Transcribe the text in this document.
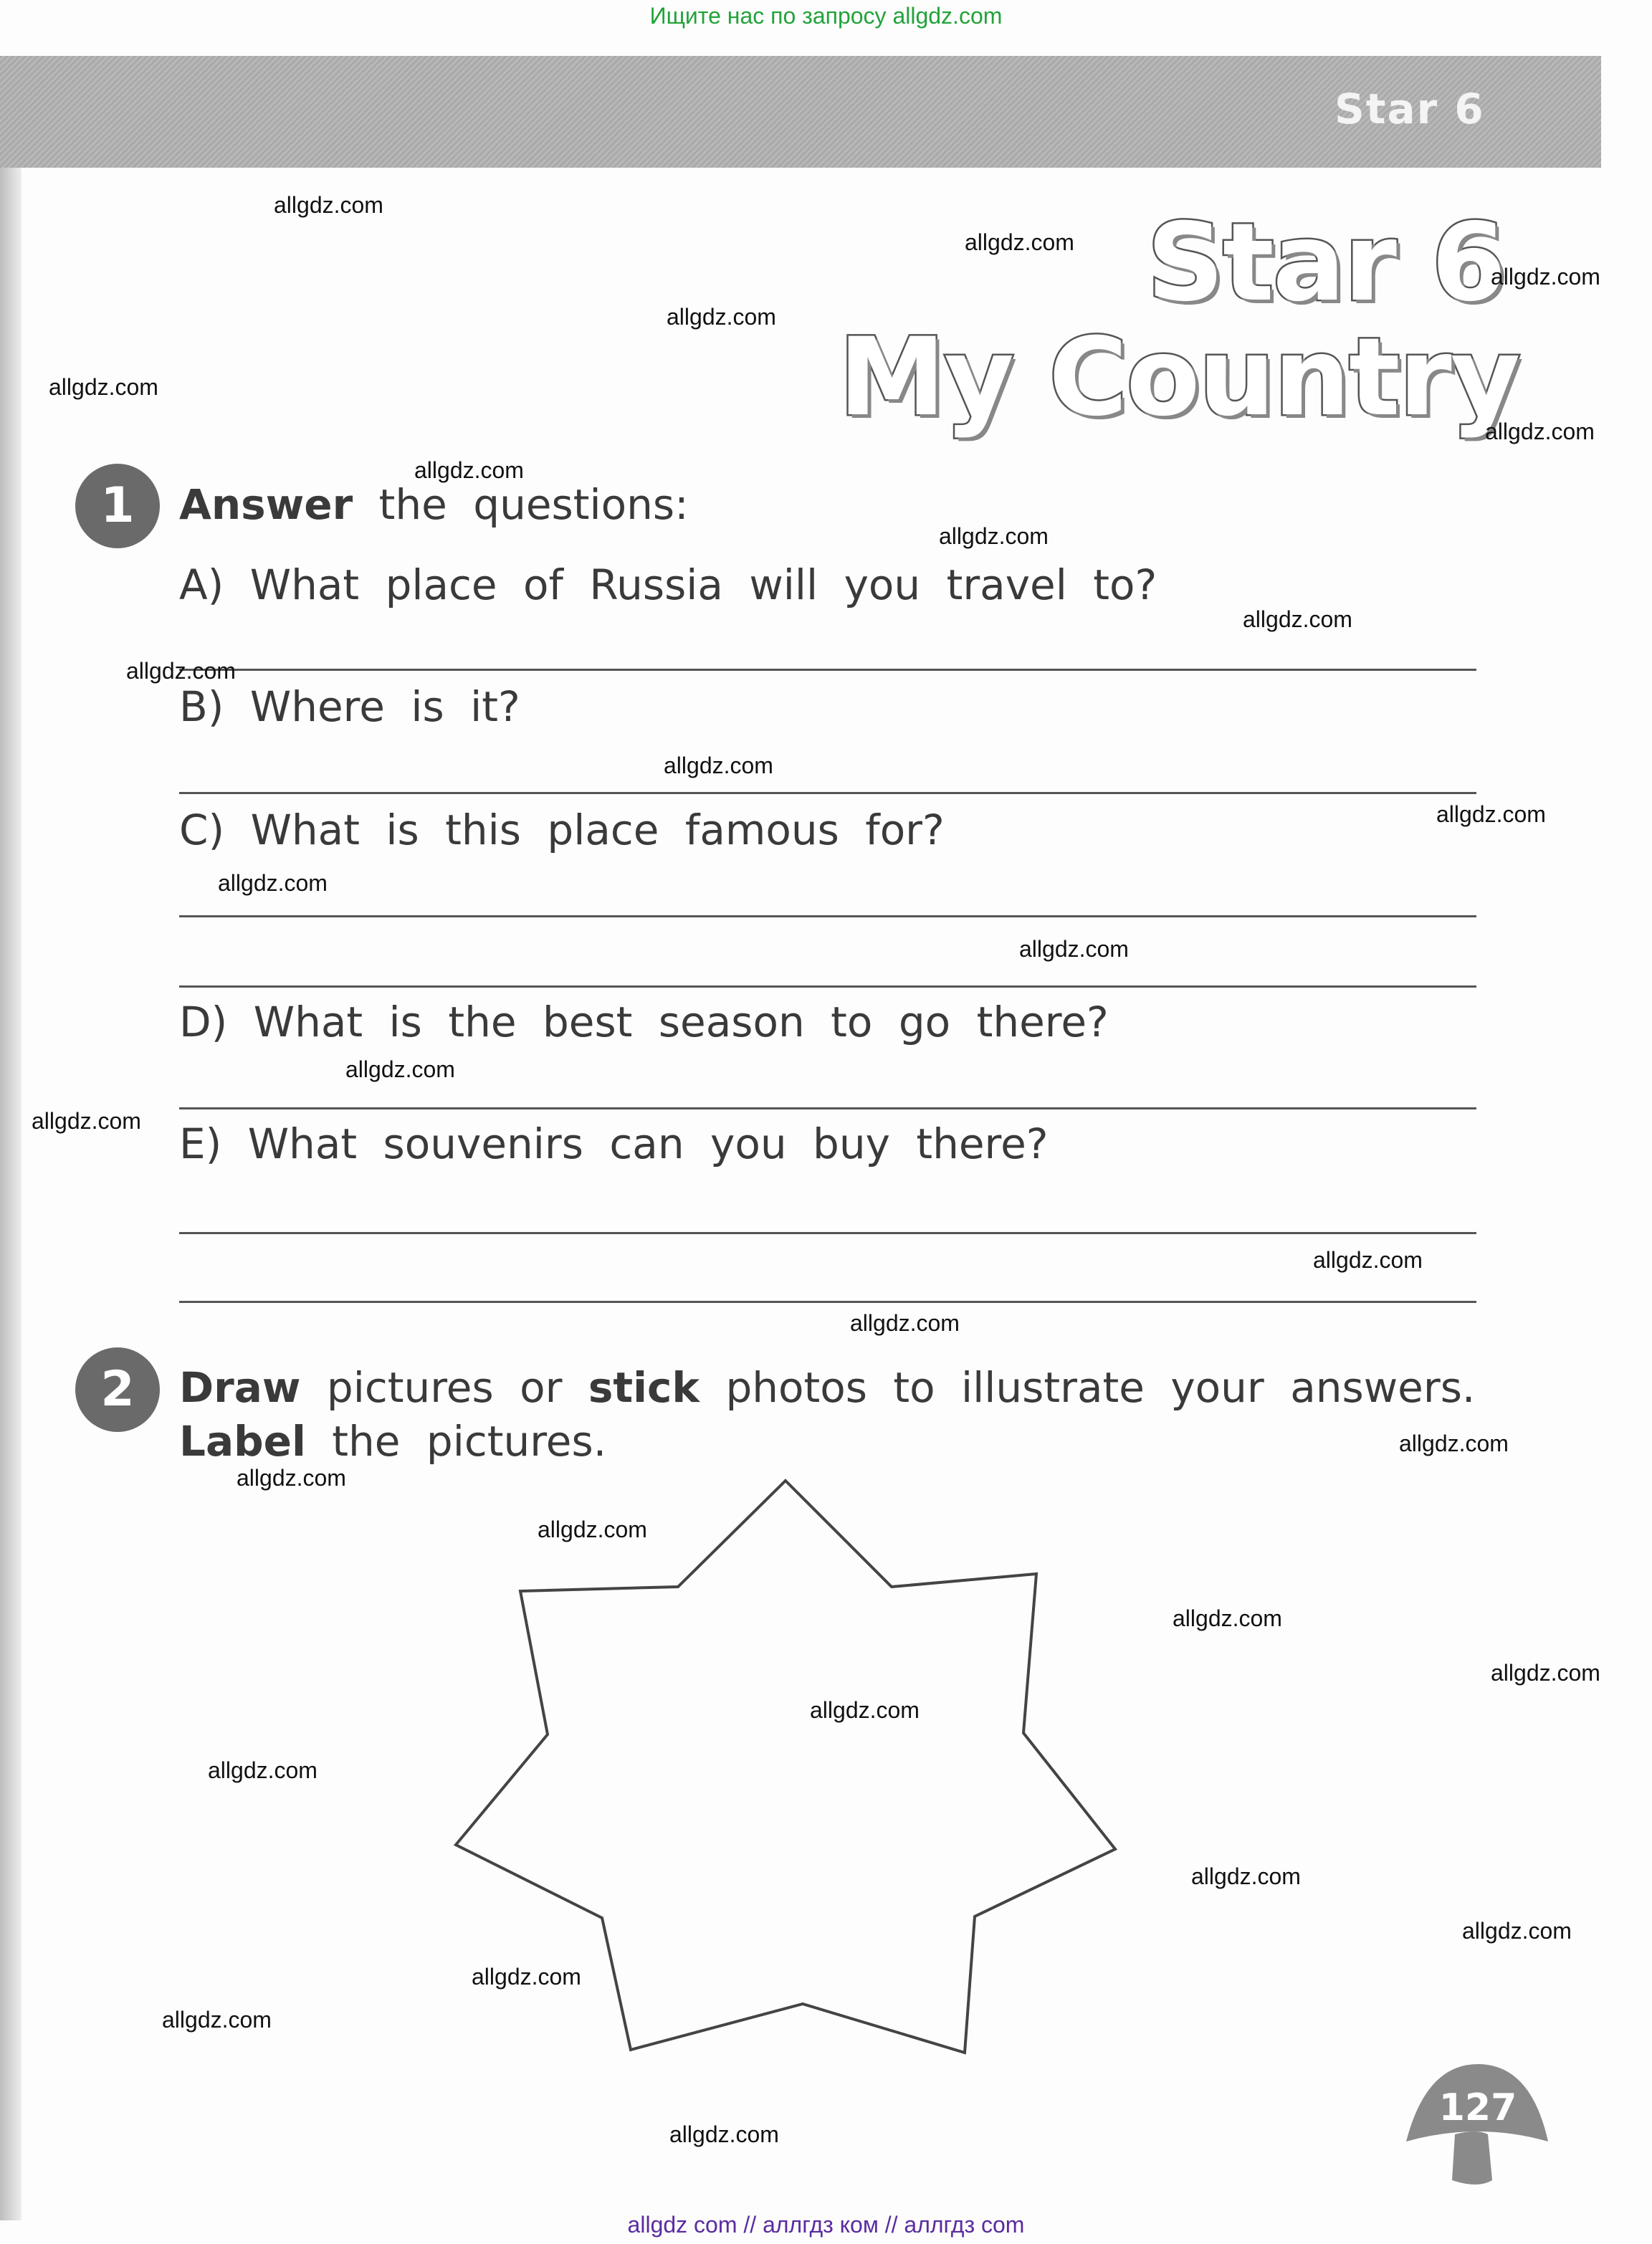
Ищите нас по запросу allgdz.com
Star 6
Star 6
My Country
1	Answer the questions:
A) What place of Russia will you travel to?
B) Where is it?
C) What is this place famous for?
D) What is the best season to go there?
E) What souvenirs can you buy there?
2	Draw pictures or stick photos to illustrate your answers.
Label the pictures.
127
allgdz.com
allgdz.com
allgdz.com
allgdz.com
allgdz.com
allgdz.com
allgdz.com
allgdz.com
allgdz.com
allgdz.com
allgdz.com
allgdz.com
allgdz.com
allgdz.com
allgdz.com
allgdz.com
allgdz.com
allgdz.com
allgdz.com
allgdz.com
allgdz.com
allgdz.com
allgdz.com
allgdz.com
allgdz.com
allgdz.com
allgdz.com
allgdz.com
allgdz.com
allgdz.com
allgdz com // аллгдз ком // аллгдз com
